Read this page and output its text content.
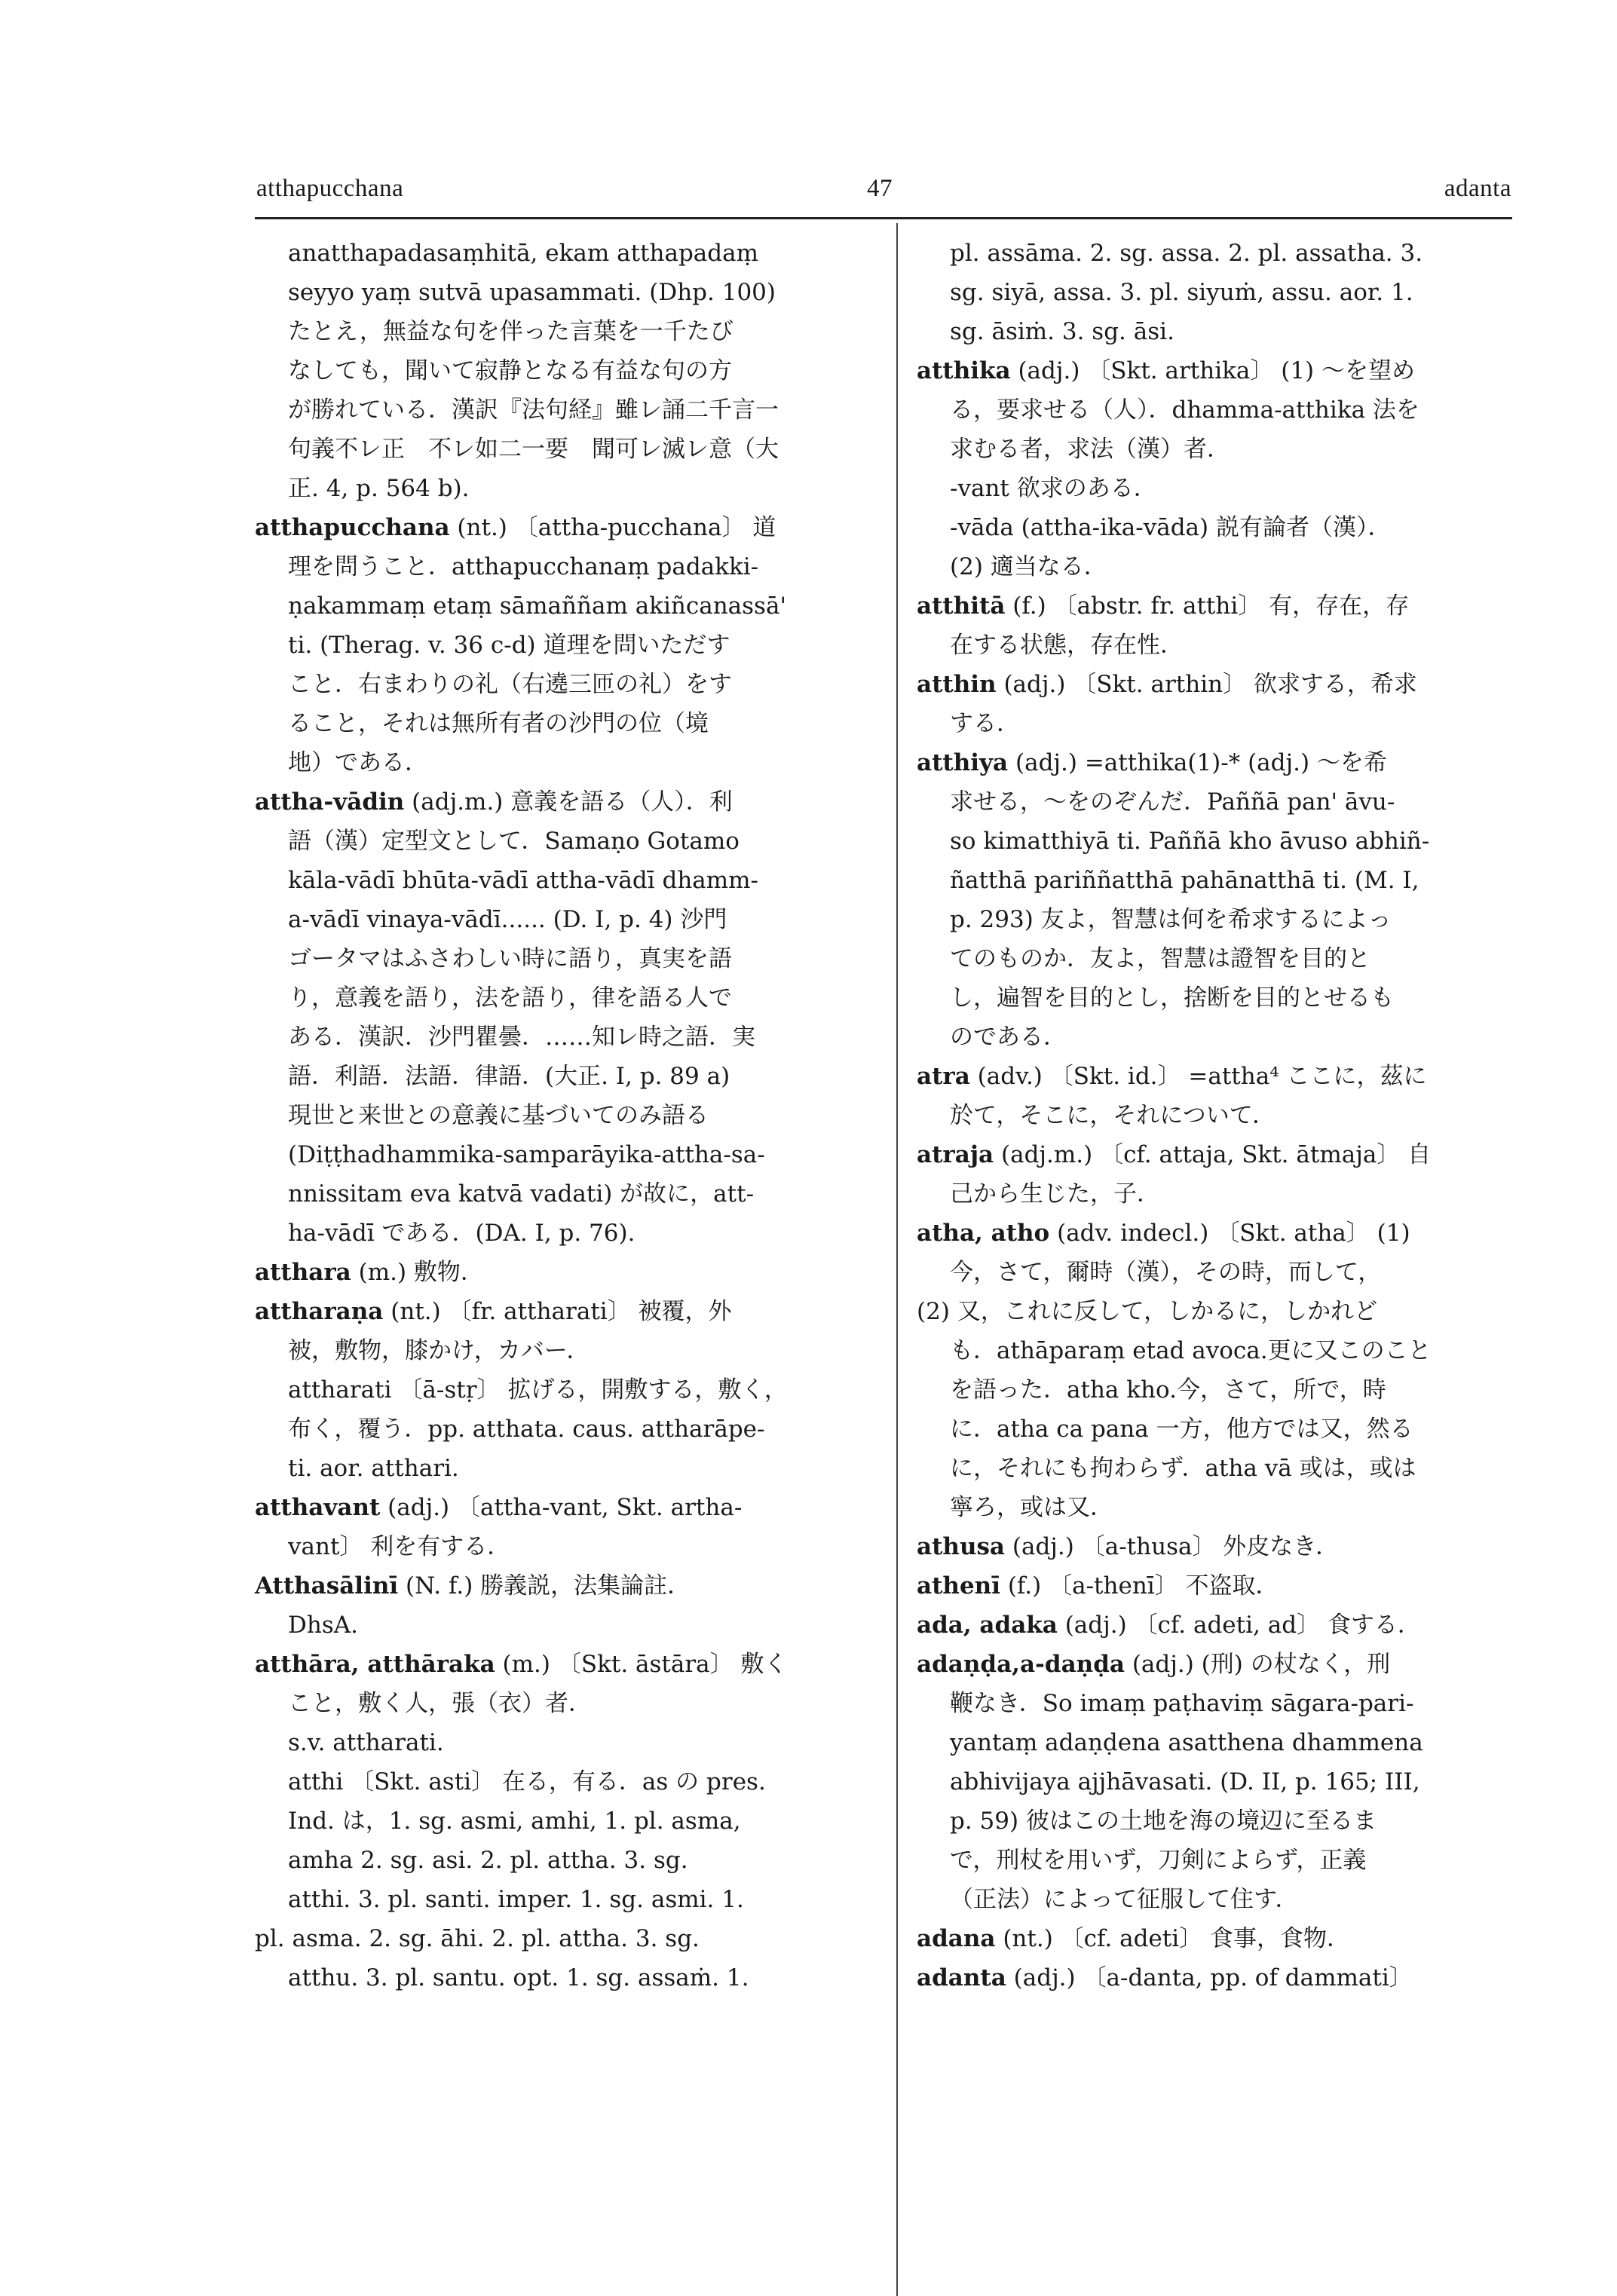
atthapucchana	47	adanta
anatthapadasaṃhitā, ekam atthapadaṃ
seyyo yaṃ sutvā upasammati. (Dhp. 100)
たとえ，無益な句を伴った言葉を一千たび
なしても，聞いて寂静となる有益な句の方
が勝れている．漢訳『法句経』雖レ誦二千言一
句義不レ正　不レ如二一要　聞可レ滅レ意（大
正. 4, p. 564 b).
atthapucchana (nt.) 〔attha-pucchana〕 道
理を問うこと．atthapucchanaṃ padakki-
ṇakammaṃ etaṃ sāmaññam akiñcanassā'
ti. (Therag. v. 36 c-d) 道理を問いただす
こと．右まわりの礼（右遶三匝の礼）をす
ること，それは無所有者の沙門の位（境
地）である．
attha-vādin (adj.m.) 意義を語る（人）．利
語（漢）定型文として．Samaṇo Gotamo
kāla-vādī bhūta-vādī attha-vādī dhamm-
a-vādī vinaya-vādī...... (D. I, p. 4) 沙門
ゴータマはふさわしい時に語り，真実を語
り，意義を語り，法を語り，律を語る人で
ある．漢訳．沙門瞿曇．……知レ時之語．実
語．利語．法語．律語．(大正. I, p. 89 a)
現世と来世との意義に基づいてのみ語る
(Diṭṭhadhammika-samparāyika-attha-sa-
nnissitam eva katvā vadati) が故に，att-
ha-vādī である．(DA. I, p. 76).
atthara (m.) 敷物．
attharaṇa (nt.) 〔fr. attharati〕 被覆，外
被，敷物，膝かけ，カバー．
attharati 〔ā-stṛ〕 拡げる，開敷する，敷く，
布く，覆う．pp. atthata. caus. attharāpe-
ti. aor. atthari.
atthavant (adj.) 〔attha-vant, Skt. artha-
vant〕 利を有する．
Atthasālinī (N. f.) 勝義説，法集論註．
DhsA.
atthāra, atthāraka (m.) 〔Skt. āstāra〕 敷く
こと，敷く人，張（衣）者．
s.v. attharati.
atthi 〔Skt. asti〕 在る，有る．as の pres.
Ind. は，1. sg. asmi, amhi, 1. pl. asma,
amha 2. sg. asi. 2. pl. attha. 3. sg.
atthi. 3. pl. santi. imper. 1. sg. asmi. 1.
pl. asma. 2. sg. āhi. 2. pl. attha. 3. sg.
atthu. 3. pl. santu. opt. 1. sg. assaṁ. 1.
pl. assāma. 2. sg. assa. 2. pl. assatha. 3.
sg. siyā, assa. 3. pl. siyuṁ, assu. aor. 1.
sg. āsiṁ. 3. sg. āsi.
atthika (adj.) 〔Skt. arthika〕 (1) ～を望め
る，要求せる（人）．dhamma-atthika 法を
求むる者，求法（漢）者．
-vant 欲求のある．
-vāda (attha-ika-vāda) 説有論者（漢）．
(2) 適当なる．
atthitā (f.) 〔abstr. fr. atthi〕 有，存在，存
在する状態，存在性．
atthin (adj.) 〔Skt. arthin〕 欲求する，希求
する．
atthiya (adj.) =atthika(1)-* (adj.) ～を希
求せる，～をのぞんだ．Paññā pan' āvu-
so kimatthiyā ti. Paññā kho āvuso abhiñ-
ñatthā pariññatthā pahānatthā ti. (M. I,
p. 293) 友よ，智慧は何を希求するによっ
てのものか．友よ，智慧は證智を目的と
し，遍智を目的とし，捨断を目的とせるも
のである．
atra (adv.) 〔Skt. id.〕 =attha⁴ ここに，茲に
於て，そこに，それについて．
atraja (adj.m.) 〔cf. attaja, Skt. ātmaja〕 自
己から生じた，子．
atha, atho (adv. indecl.) 〔Skt. atha〕 (1)
今，さて，爾時（漢），その時，而して，
(2) 又，これに反して，しかるに，しかれど
も．athāparaṃ etad avoca.更に又このこと
を語った．atha kho.今，さて，所で，時
に．atha ca pana 一方，他方では又，然る
に，それにも拘わらず．atha vā 或は，或は
寧ろ，或は又．
athusa (adj.) 〔a-thusa〕 外皮なき．
athenī (f.) 〔a-thenī〕 不盗取．
ada, adaka (adj.) 〔cf. adeti, ad〕 食する．
adaṇḍa,a-daṇḍa (adj.) (刑) の杖なく，刑
鞭なき．So imaṃ paṭhaviṃ sāgara-pari-
yantaṃ adaṇḍena asatthena dhammena
abhivijaya ajjhāvasati. (D. II, p. 165; III,
p. 59) 彼はこの土地を海の境辺に至るま
で，刑杖を用いず，刀剣によらず，正義
（正法）によって征服して住す．
adana (nt.) 〔cf. adeti〕 食事，食物．
adanta (adj.) 〔a-danta, pp. of dammati〕
